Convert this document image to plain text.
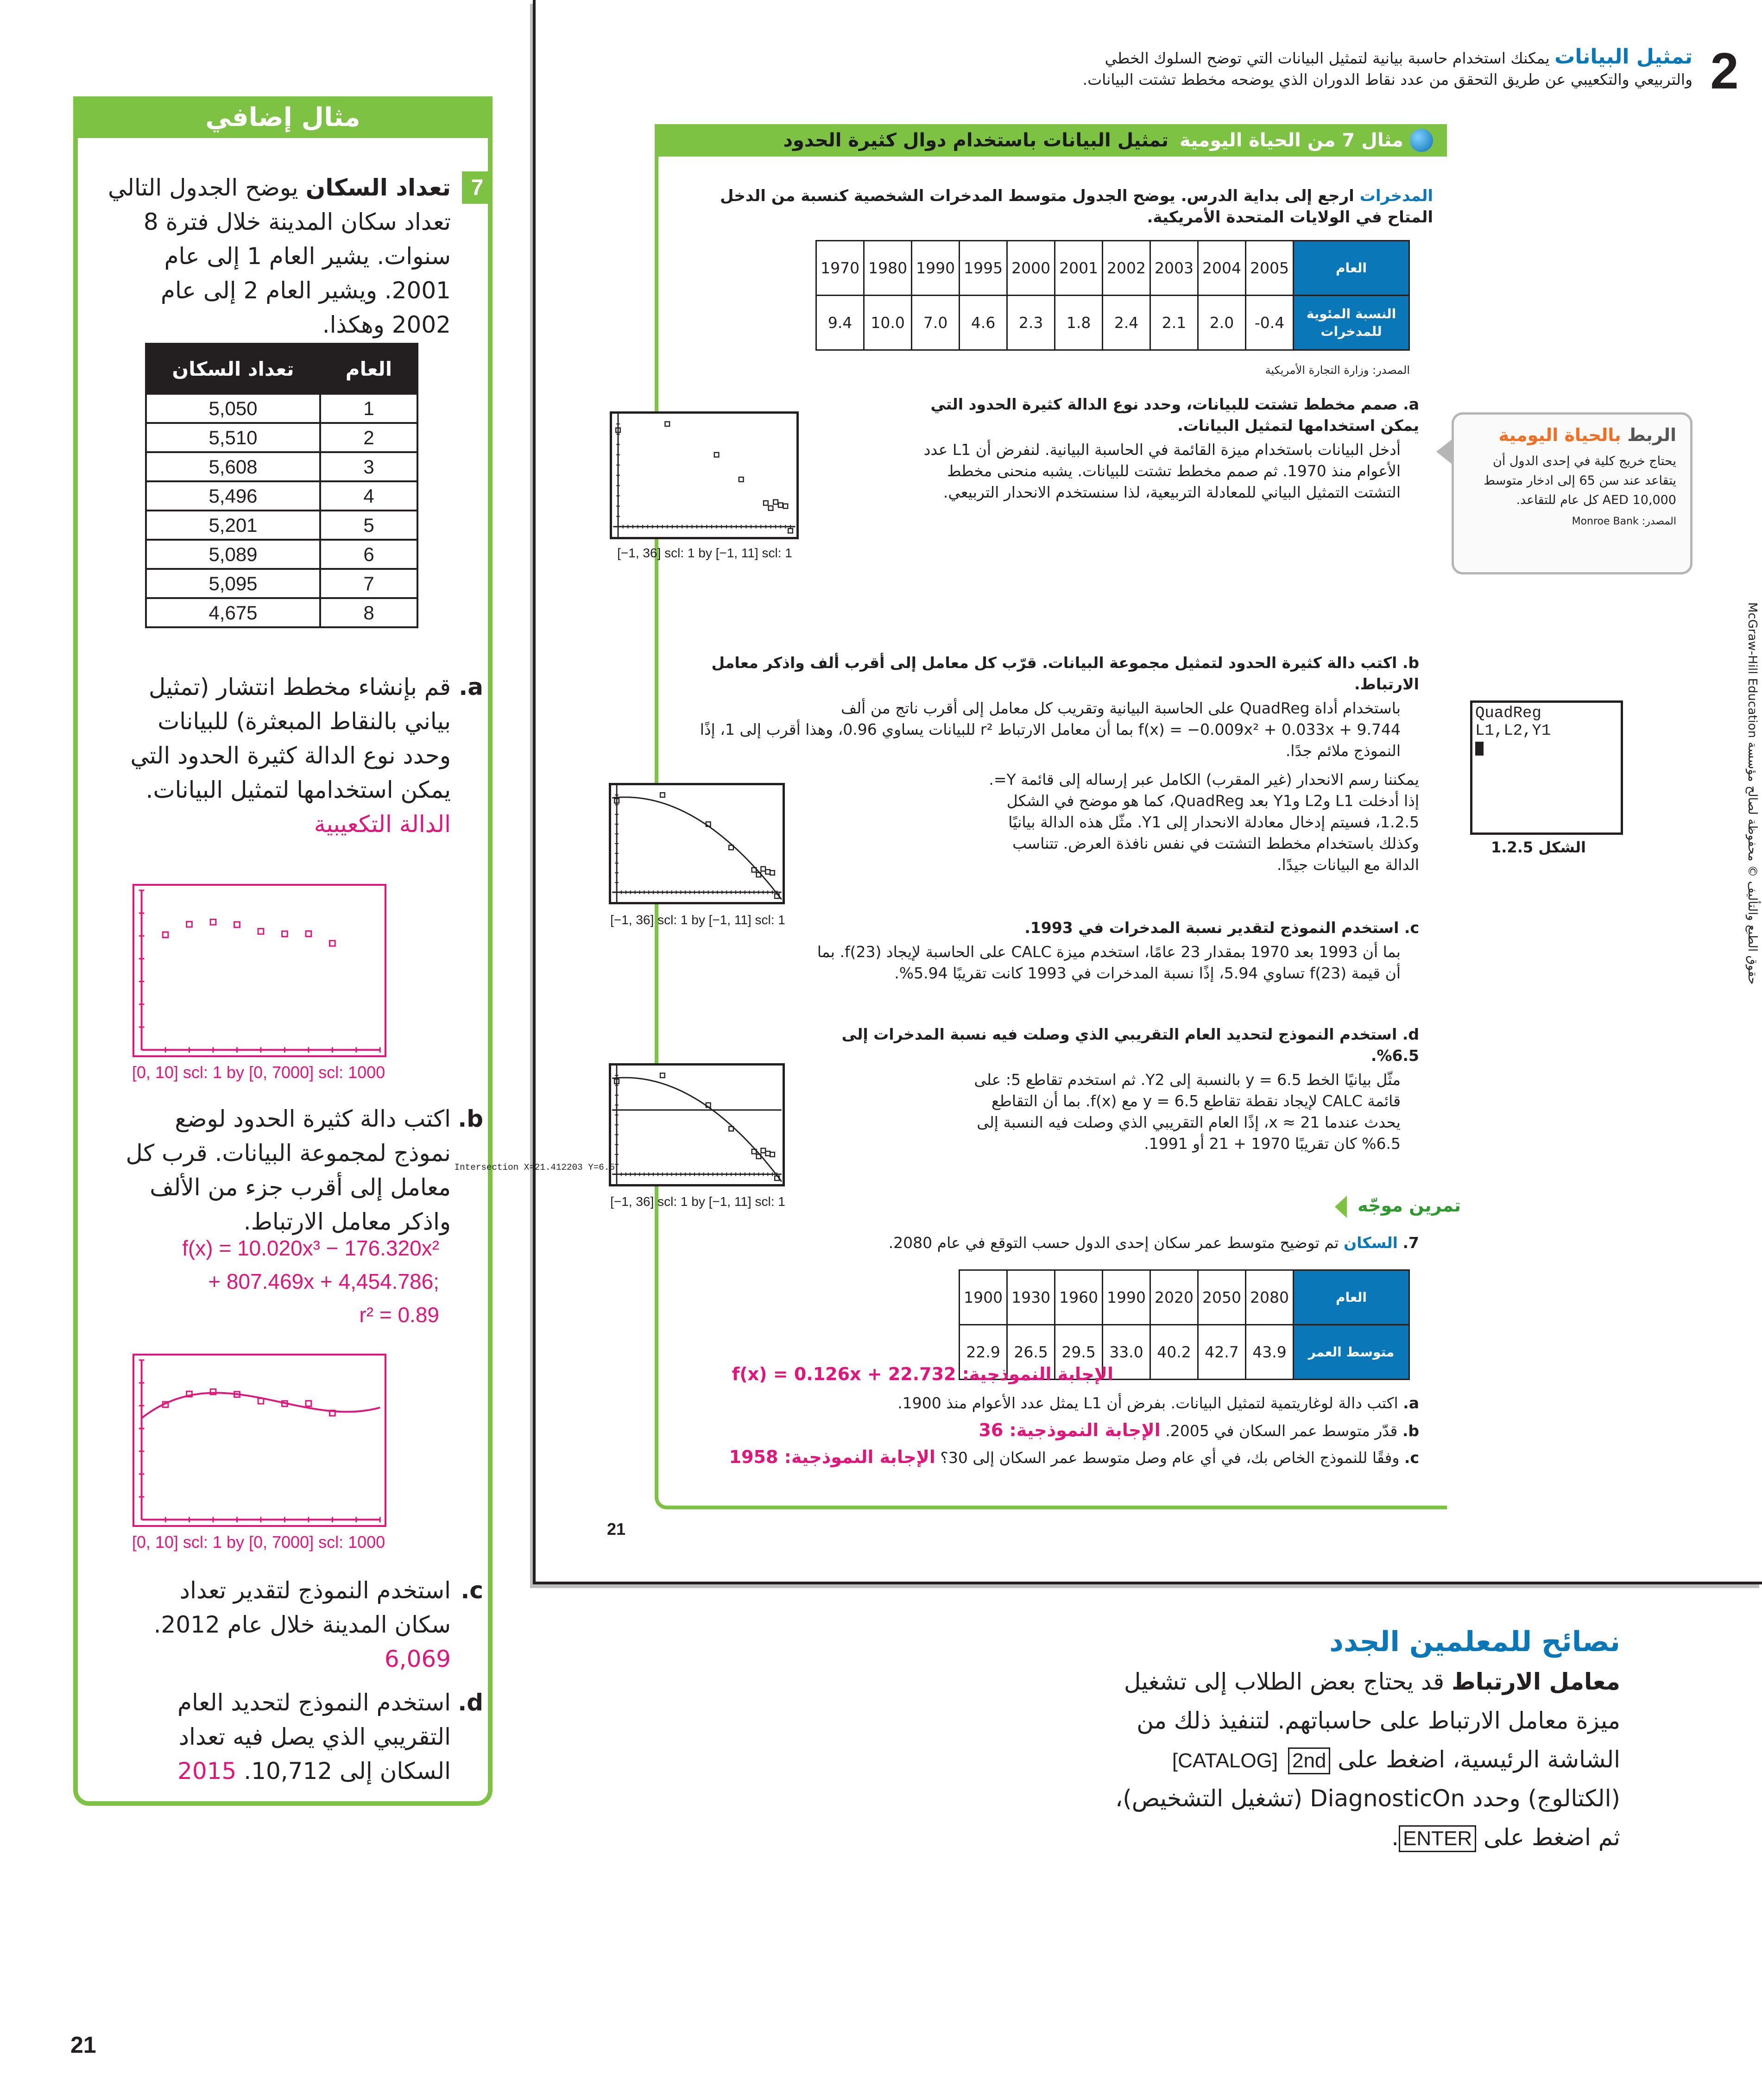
مثال إضافي
7
تعداد السكان يوضح الجدول التالي تعداد سكان المدينة خلال فترة 8 سنوات. يشير العام 1 إلى عام 2001. ويشير العام 2 إلى عام 2002 وهكذا.
العام	تعداد السكان
1	5,050
2	5,510
3	5,608
4	5,496
5	5,201
6	5,089
7	5,095
8	4,675
a.
قم بإنشاء مخطط انتشار (تمثيل بياني بالنقاط المبعثرة) للبيانات وحدد نوع الدالة كثيرة الحدود التي يمكن استخدامها لتمثيل البيانات. الدالة التكعيبية
[0, 10] scl: 1 by [0, 7000] scl: 1000
b.
اكتب دالة كثيرة الحدود لوضع نموذج لمجموعة البيانات. قرب كل معامل إلى أقرب جزء من الألف واذكر معامل الارتباط.
f(x) = 10.020x³ − 176.320x²
+ 807.469x + 4,454.786;
r² = 0.89
[0, 10] scl: 1 by [0, 7000] scl: 1000
c.
استخدم النموذج لتقدير تعداد سكان المدينة خلال عام 2012. 6,069
d.
استخدم النموذج لتحديد العام التقريبي الذي يصل فيه تعداد السكان إلى 10,712. 2015
2
تمثيل البيانات يمكنك استخدام حاسبة بيانية لتمثيل البيانات التي توضح السلوك الخطي والتربيعي والتكعيبي عن طريق التحقق من عدد نقاط الدوران الذي يوضحه مخطط تشتت البيانات.
مثال 7 من الحياة اليومية
تمثيل البيانات باستخدام دوال كثيرة الحدود
المدخرات ارجع إلى بداية الدرس. يوضح الجدول متوسط المدخرات الشخصية كنسبة من الدخل المتاح في الولايات المتحدة الأمريكية.
1970	1980	1990	1995	2000	2001	2002	2003	2004	2005	العام
9.4	10.0	7.0	4.6	2.3	1.8	2.4	2.1	2.0	-0.4	النسبة المئوية للمدخرات
المصدر: وزارة التجارة الأمريكية
a. صمم مخطط تشتت للبيانات، وحدد نوع الدالة كثيرة الحدود التي يمكن استخدامها لتمثيل البيانات.
أدخل البيانات باستخدام ميزة القائمة في الحاسبة البيانية. لنفرض أن L1 عدد الأعوام منذ 1970. ثم صمم مخطط تشتت للبيانات. يشبه منحنى مخطط التشتت التمثيل البياني للمعادلة التربيعية، لذا سنستخدم الانحدار التربيعي.
[−1, 36] scl: 1 by [−1, 11] scl: 1
b. اكتب دالة كثيرة الحدود لتمثيل مجموعة البيانات. قرّب كل معامل إلى أقرب ألف واذكر معامل الارتباط.
باستخدام أداة QuadReg على الحاسبة البيانية وتقريب كل معامل إلى أقرب ناتج من ألف
f(x) = −0.009x² + 0.033x + 9.744 بما أن معامل الارتباط r² للبيانات يساوي 0.96، وهذا أقرب إلى 1، إذًا النموذج ملائم جدًا.
يمكننا رسم الانحدار (غير المقرب) الكامل عبر إرساله إلى قائمة Y=. إذا أدخلت L1 وL2 وY1 بعد QuadReg، كما هو موضح في الشكل 1.2.5، فسيتم إدخال معادلة الانحدار إلى Y1. مثّل هذه الدالة بيانيًا وكذلك باستخدام مخطط التشتت في نفس نافذة العرض. تتناسب الدالة مع البيانات جيدًا.
[−1, 36] scl: 1 by [−1, 11] scl: 1	c. استخدم النموذج لتقدير نسبة المدخرات في 1993.
بما أن 1993 بعد 1970 بمقدار 23 عامًا، استخدم ميزة CALC على الحاسبة لإيجاد f(23). بما أن قيمة f(23) تساوي 5.94، إذًا نسبة المدخرات في 1993 كانت تقريبًا 5.94%.
d. استخدم النموذج لتحديد العام التقريبي الذي وصلت فيه نسبة المدخرات إلى 6.5%.
مثّل بيانيًا الخط y = 6.5 بالنسبة إلى Y2. ثم استخدم تقاطع 5: على قائمة CALC لإيجاد نقطة تقاطع y = 6.5 مع f(x). بما أن التقاطع يحدث عندما x ≈ 21، إذًا العام التقريبي الذي وصلت فيه النسبة إلى 6.5% كان تقريبًا 1970 + 21 أو 1991.
Intersection X=21.412203 Y=6.5
[−1, 36] scl: 1 by [−1, 11] scl: 1	تمرين موجّه
7. السكان تم توضيح متوسط عمر سكان إحدى الدول حسب التوقع في عام 2080.
1900	1930	1960	1990	2020	2050	2080	العام
22.9	26.5	29.5	33.0	40.2	42.7	43.9	متوسط العمر
الإجابة النموذجية: f(x) = 0.126x + 22.732
a. اكتب دالة لوغاريتمية لتمثيل البيانات. بفرض أن L1 يمثل عدد الأعوام منذ 1900.
b. قدّر متوسط عمر السكان في 2005. الإجابة النموذجية: 36
c. وفقًا للنموذج الخاص بك، في أي عام وصل متوسط عمر السكان إلى 30؟ الإجابة النموذجية: 1958
21
الربط بالحياة اليومية
يحتاج خريج كلية في إحدى الدول أن يتقاعد عند سن 65 إلى ادخار متوسط AED 10,000 كل عام للتقاعد.
المصدر: Monroe Bank
QuadReg L1,L2,Y1
الشكل 1.2.5
حقوق الطبع والتأليف © محفوظة لصالح مؤسسة McGraw-Hill Education
نصائح للمعلمين الجدد
معامل الارتباط قد يحتاج بعض الطلاب إلى تشغيل ميزة معامل الارتباط على حاسباتهم. لتنفيذ ذلك من الشاشة الرئيسية، اضغط على 2nd [CATALOG] (الكتالوج) وحدد DiagnosticOn (تشغيل التشخيص)، ثم اضغط على ENTER.
21
